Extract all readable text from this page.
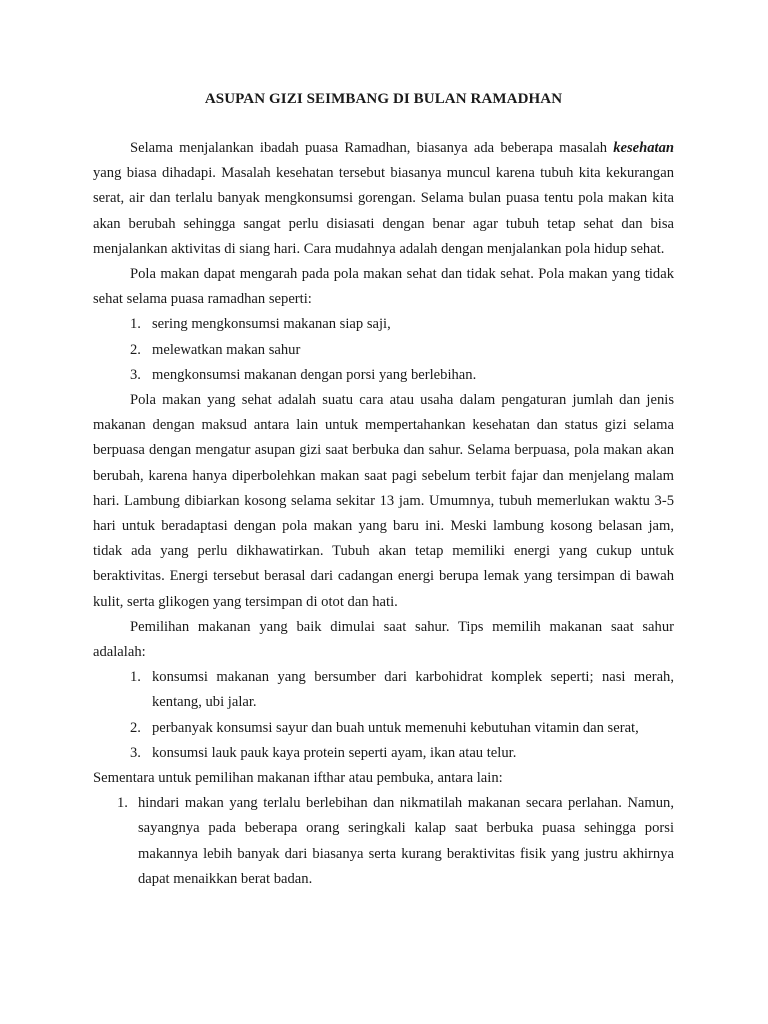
ASUPAN GIZI SEIMBANG DI BULAN RAMADHAN

Selama menjalankan ibadah puasa Ramadhan, biasanya ada beberapa masalah kesehatan yang biasa dihadapi. Masalah kesehatan tersebut biasanya muncul karena tubuh kita kekurangan serat, air dan terlalu banyak mengkonsumsi gorengan. Selama bulan puasa tentu pola makan kita akan berubah sehingga sangat perlu disiasati dengan benar agar tubuh tetap sehat dan bisa menjalankan aktivitas di siang hari. Cara mudahnya adalah dengan menjalankan pola hidup sehat.

Pola makan dapat mengarah pada pola makan sehat dan tidak sehat. Pola makan yang tidak sehat selama puasa ramadhan seperti:

1. sering mengkonsumsi makanan siap saji,
2. melewatkan makan sahur
3. mengkonsumsi makanan dengan porsi yang berlebihan.

Pola makan yang sehat adalah suatu cara atau usaha dalam pengaturan jumlah dan jenis makanan dengan maksud antara lain untuk mempertahankan kesehatan dan status gizi selama berpuasa dengan mengatur asupan gizi saat berbuka dan sahur. Selama berpuasa, pola makan akan berubah, karena hanya diperbolehkan makan saat pagi sebelum terbit fajar dan menjelang malam hari. Lambung dibiarkan kosong selama sekitar 13 jam. Umumnya, tubuh memerlukan waktu 3-5 hari untuk beradaptasi dengan pola makan yang baru ini. Meski lambung kosong belasan jam, tidak ada yang perlu dikhawatirkan. Tubuh akan tetap memiliki energi yang cukup untuk beraktivitas. Energi tersebut berasal dari cadangan energi berupa lemak yang tersimpan di bawah kulit, serta glikogen yang tersimpan di otot dan hati.

Pemilihan makanan yang baik dimulai saat sahur. Tips memilih makanan saat sahur adalalah:

1. konsumsi makanan yang bersumber dari karbohidrat komplek seperti; nasi merah, kentang, ubi jalar.
2. perbanyak konsumsi sayur dan buah untuk memenuhi kebutuhan vitamin dan serat,
3. konsumsi lauk pauk kaya protein seperti ayam, ikan atau telur.

Sementara untuk pemilihan makanan ifthar atau pembuka, antara lain:

1. hindari makan yang terlalu berlebihan dan nikmatilah makanan secara perlahan. Namun, sayangnya pada beberapa orang seringkali kalap saat berbuka puasa sehingga porsi makannya lebih banyak dari biasanya serta kurang beraktivitas fisik yang justru akhirnya dapat menaikkan berat badan.
